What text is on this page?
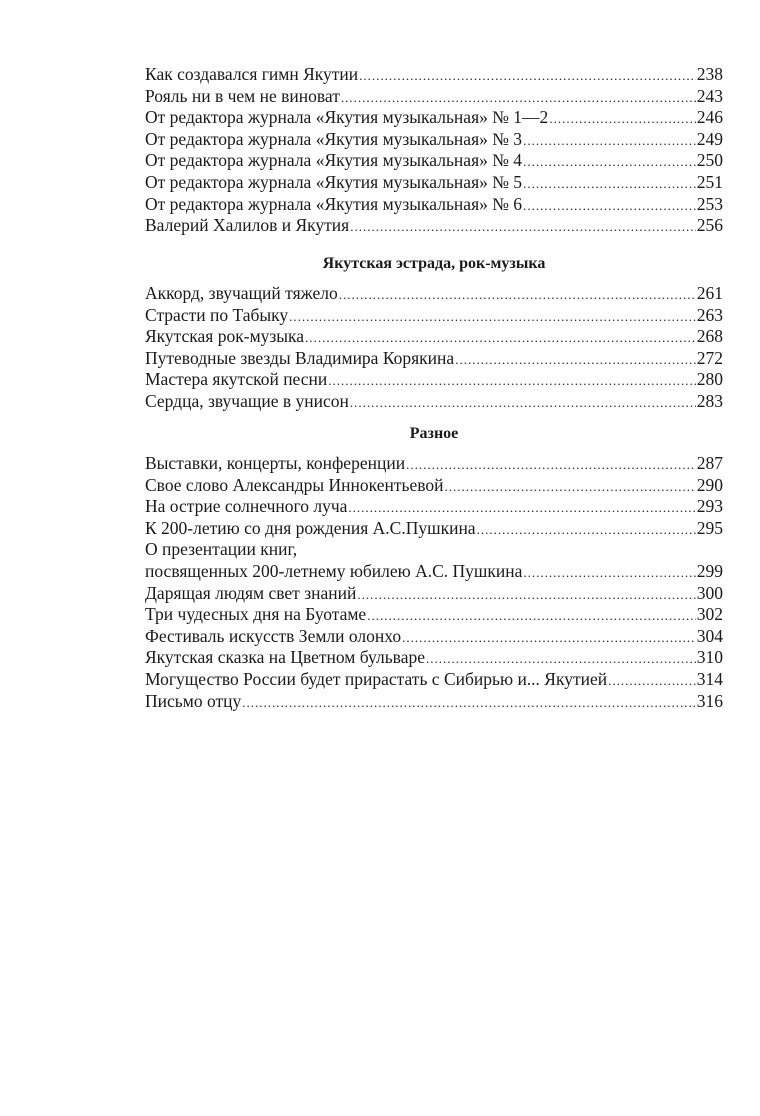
Как создавался гимн Якутии .....	238
Рояль ни в чем не виноват .....	243
От редактора журнала «Якутия музыкальная» № 1—2 .....	246
От редактора журнала «Якутия музыкальная» № 3 .....	249
От редактора журнала «Якутия музыкальная» № 4 .....	250
От редактора журнала «Якутия музыкальная» № 5 .....	251
От редактора журнала «Якутия музыкальная» № 6 .....	253
Валерий Халилов и Якутия .....	256
Якутская эстрада, рок-музыка
Аккорд, звучащий тяжело .....	261
Страсти по Табыку .....	263
Якутская рок-музыка .....	268
Путеводные звезды Владимира Корякина .....	272
Мастера якутской песни .....	280
Сердца, звучащие в унисон .....	283
Разное
Выставки, концерты, конференции .....	287
Свое слово Александры Иннокентьевой .....	290
На острие солнечного луча .....	293
К 200-летию со дня рождения А.С.Пушкина .....	295
О презентации книг,
посвященных 200-летнему юбилею А.С. Пушкина .....	299
Дарящая людям свет знаний .....	300
Три чудесных дня на Буотаме .....	302
Фестиваль искусств Земли олонхо .....	304
Якутская сказка на Цветном бульваре .....	310
Могущество России будет прирастать с Сибирью и... Якутией .....	314
Письмо отцу .....	316
